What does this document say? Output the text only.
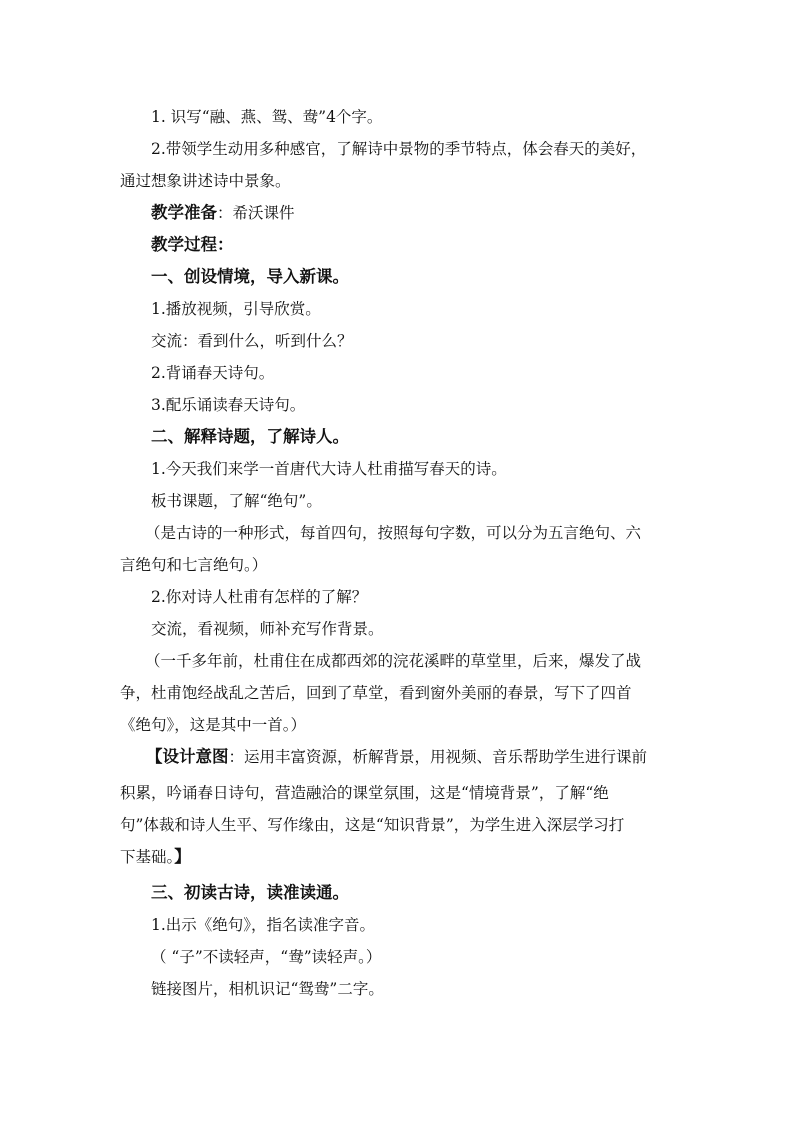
1. 识写“融、燕、鸳、鸯”4个字。
2.带领学生动用多种感官，了解诗中景物的季节特点，体会春天的美好，
通过想象讲述诗中景象。
教学准备：希沃课件
教学过程：
一、创设情境，导入新课。
1.播放视频，引导欣赏。
交流：看到什么，听到什么？
2.背诵春天诗句。
3.配乐诵读春天诗句。
二、解释诗题，了解诗人。
1.今天我们来学一首唐代大诗人杜甫描写春天的诗。
板书课题，了解“绝句”。
（是古诗的一种形式，每首四句，按照每句字数，可以分为五言绝句、六
言绝句和七言绝句。）
2.你对诗人杜甫有怎样的了解？
交流，看视频，师补充写作背景。
（一千多年前，杜甫住在成都西郊的浣花溪畔的草堂里，后来，爆发了战
争，杜甫饱经战乱之苦后，回到了草堂，看到窗外美丽的春景，写下了四首
《绝句》，这是其中一首。）
【设计意图：运用丰富资源，析解背景，用视频、音乐帮助学生进行课前
积累，吟诵春日诗句，营造融洽的课堂氛围，这是“情境背景”，了解“绝
句”体裁和诗人生平、写作缘由，这是“知识背景”，为学生进入深层学习打
下基础。】
三、初读古诗，读准读通。
1.出示《绝句》，指名读准字音。
（ “子”不读轻声，“鸯”读轻声。）
链接图片，相机识记“鸳鸯”二字。
